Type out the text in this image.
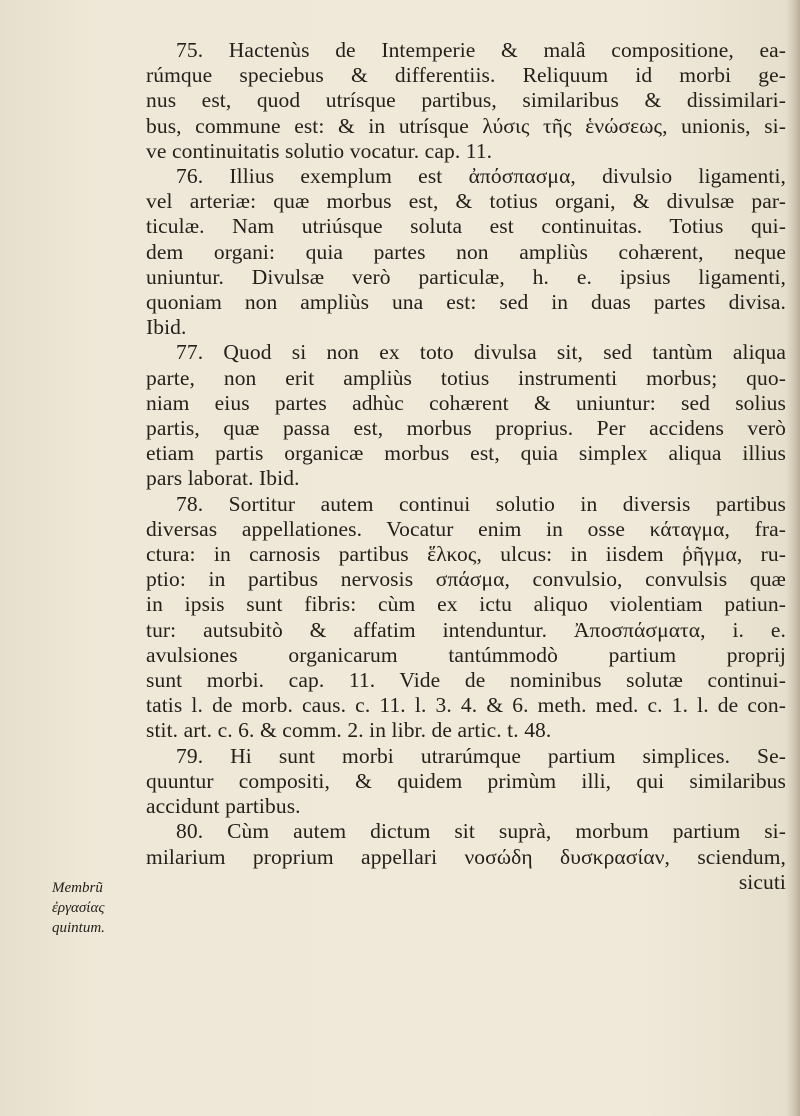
75. Hactenùs de Intemperie & malâ compositione, ea-
rúmque speciebus & differentiis. Reliquum id morbi ge-
nus est, quod utrísque partibus, similaribus & dissimilari-
bus, commune est: & in utrísque λύσις τῆς ἑνώσεως, unionis, si-
ve continuitatis solutio vocatur. cap. 11.
76. Illius exemplum est ἀπόσπασμα, divulsio ligamenti,
vel arteriæ: quæ morbus est, & totius organi, & divulsæ par-
ticulæ. Nam utriúsque soluta est continuitas. Totius qui-
dem organi: quia partes non ampliùs cohærent, neque
uniuntur. Divulsæ verò particulæ, h. e. ipsius ligamenti,
quoniam non ampliùs una est: sed in duas partes divisa.
Ibid.
77. Quod si non ex toto divulsa sit, sed tantùm aliqua
parte, non erit ampliùs totius instrumenti morbus; quo-
niam eius partes adhùc cohærent & uniuntur: sed solius
partis, quæ passa est, morbus proprius. Per accidens verò
etiam partis organicæ morbus est, quia simplex aliqua illius
pars laborat. Ibid.
78. Sortitur autem continui solutio in diversis partibus
diversas appellationes. Vocatur enim in osse κάταγμα, fra-
ctura: in carnosis partibus ἕλκος, ulcus: in iisdem ῥῆγμα, ru-
ptio: in partibus nervosis σπάσμα, convulsio, convulsis quæ
in ipsis sunt fibris: cùm ex ictu aliquo violentiam patiun-
tur: autsubitò & affatim intenduntur. Ἀποσπάσματα, i. e.
avulsiones organicarum tantúmmodò partium proprij
sunt morbi. cap. 11. Vide de nominibus solutæ continui-
tatis l. de morb. caus. c. 11. l. 3. 4. & 6. meth. med. c. 1. l. de con-
stit. art. c. 6. & comm. 2. in libr. de artic. t. 48.
79. Hi sunt morbi utrarúmque partium simplices. Se-
quuntur compositi, & quidem primùm illi, qui similaribus
accidunt partibus.
80. Cùm autem dictum sit suprà, morbum partium si-
milarium proprium appellari νοσώδη δυσκρασίαν, sciendum,
sicuti
Membrũ
ἐργασίας
quintum.
